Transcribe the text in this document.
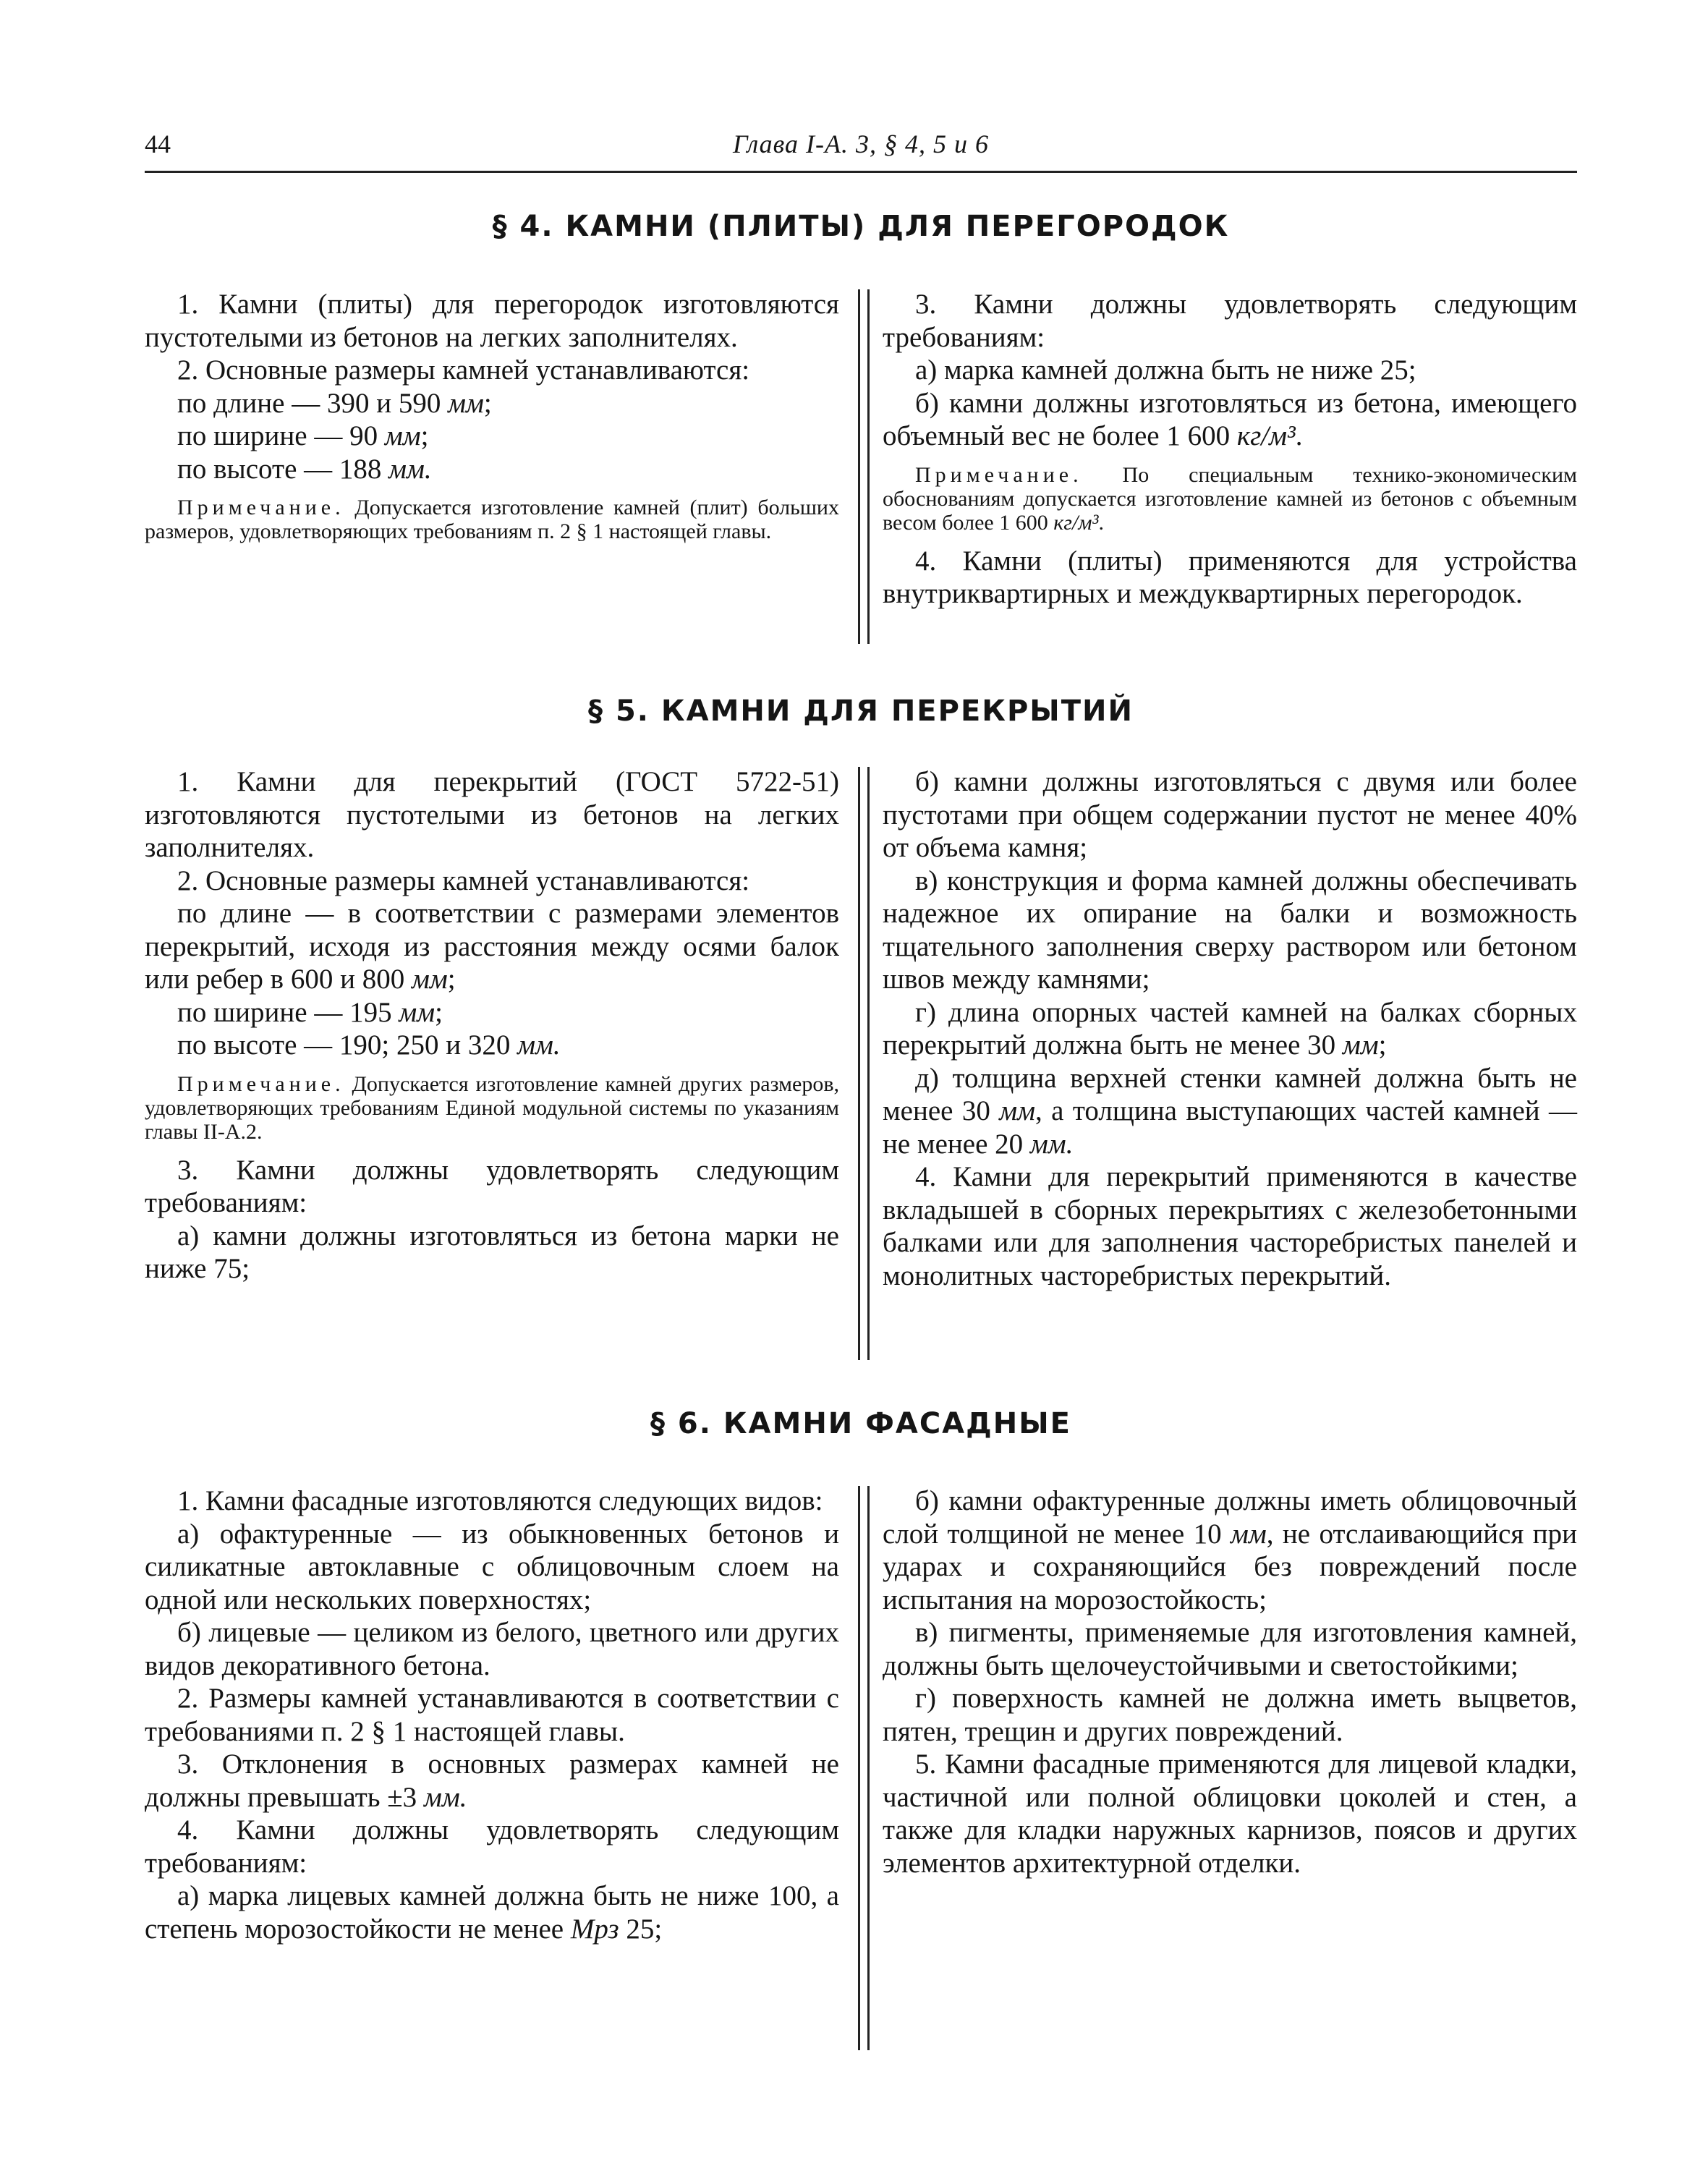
44	Глава I-A. 3, § 4, 5 и 6
§ 4. КАМНИ (ПЛИТЫ) ДЛЯ ПЕРЕГОРОДОК

1. Камни (плиты) для перегородок изготовляются пустотелыми из бетонов на легких заполнителях.

2. Основные размеры камней устанавливаются:

по длине — 390 и 590 мм;

по ширине — 90 мм;

по высоте — 188 мм.

Примечание. Допускается изготовление камней (плит) больших размеров, удовлетворяющих требованиям п. 2 § 1 настоящей главы.

3. Камни должны удовлетворять следующим требованиям:

а) марка камней должна быть не ниже 25;

б) камни должны изготовляться из бетона, имеющего объемный вес не более 1 600 кг/м³.

Примечание. По специальным технико-экономическим обоснованиям допускается изготовление камней из бетонов с объемным весом более 1 600 кг/м³.

4. Камни (плиты) применяются для устройства внутриквартирных и междуквартирных перегородок.

§ 5. КАМНИ ДЛЯ ПЕРЕКРЫТИЙ

1. Камни для перекрытий (ГОСТ 5722-51) изготовляются пустотелыми из бетонов на легких заполнителях.

2. Основные размеры камней устанавливаются:

по длине — в соответствии с размерами элементов перекрытий, исходя из расстояния между осями балок или ребер в 600 и 800 мм;

по ширине — 195 мм;

по высоте — 190; 250 и 320 мм.

Примечание. Допускается изготовление камней других размеров, удовлетворяющих требованиям Единой модульной системы по указаниям главы II-A.2.

3. Камни должны удовлетворять следующим требованиям:

а) камни должны изготовляться из бетона марки не ниже 75;

б) камни должны изготовляться с двумя или более пустотами при общем содержании пустот не менее 40% от объема камня;

в) конструкция и форма камней должны обеспечивать надежное их опирание на балки и возможность тщательного заполнения сверху раствором или бетоном швов между камнями;

г) длина опорных частей камней на балках сборных перекрытий должна быть не менее 30 мм;

д) толщина верхней стенки камней должна быть не менее 30 мм, а толщина выступающих частей камней — не менее 20 мм.

4. Камни для перекрытий применяются в качестве вкладышей в сборных перекрытиях с железобетонными балками или для заполнения часторебристых панелей и монолитных часторебристых перекрытий.

§ 6. КАМНИ ФАСАДНЫЕ

1. Камни фасадные изготовляются следующих видов:

а) офактуренные — из обыкновенных бетонов и силикатные автоклавные с облицовочным слоем на одной или нескольких поверхностях;

б) лицевые — целиком из белого, цветного или других видов декоративного бетона.

2. Размеры камней устанавливаются в соответствии с требованиями п. 2 § 1 настоящей главы.

3. Отклонения в основных размерах камней не должны превышать ±3 мм.

4. Камни должны удовлетворять следующим требованиям:

а) марка лицевых камней должна быть не ниже 100, а степень морозостойкости не менее Мрз 25;

б) камни офактуренные должны иметь облицовочный слой толщиной не менее 10 мм, не отслаивающийся при ударах и сохраняющийся без повреждений после испытания на морозостойкость;

в) пигменты, применяемые для изготовления камней, должны быть щелочеустойчивыми и светостойкими;

г) поверхность камней не должна иметь выцветов, пятен, трещин и других повреждений.

5. Камни фасадные применяются для лицевой кладки, частичной или полной облицовки цоколей и стен, а также для кладки наружных карнизов, поясов и других элементов архитектурной отделки.
